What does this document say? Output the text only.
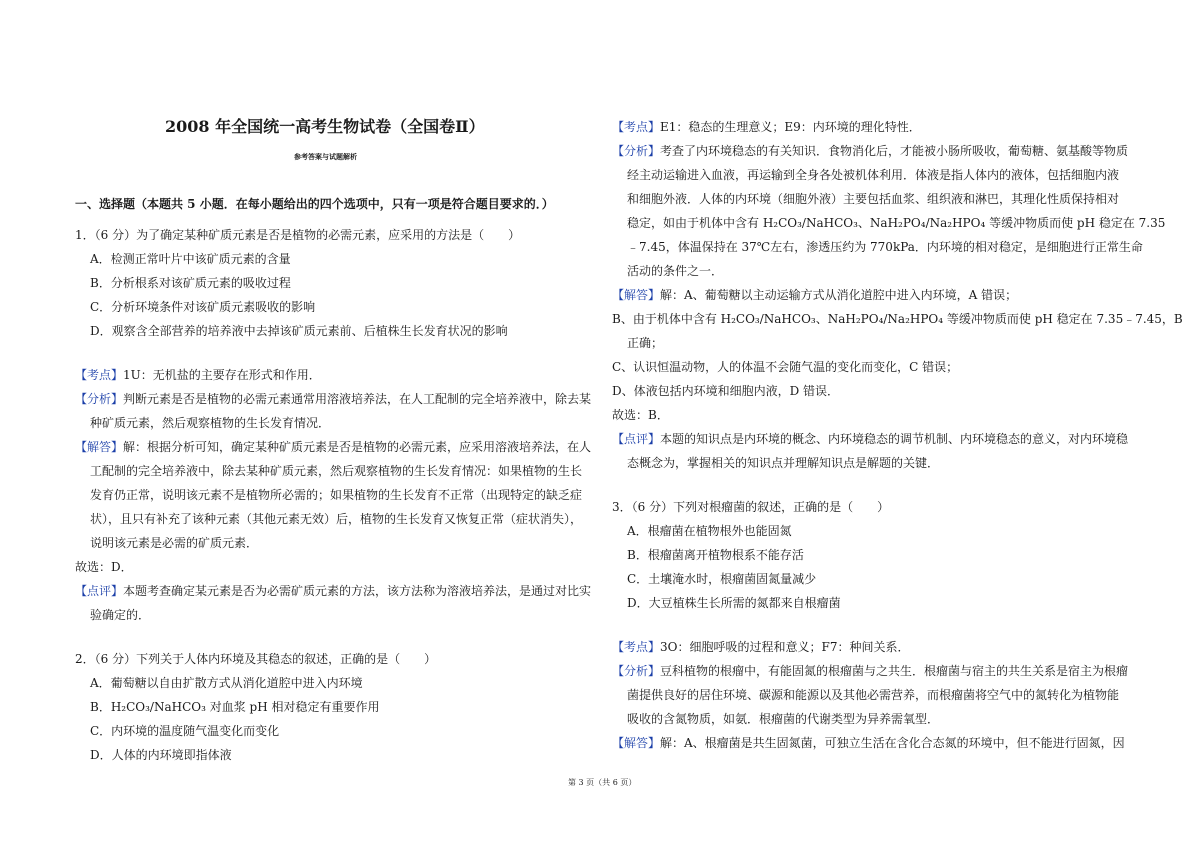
2008 年全国统一高考生物试卷（全国卷Ⅱ）
参考答案与试题解析
一、选择题（本题共 5 小题．在每小题给出的四个选项中，只有一项是符合题目要求的．）
1．（6 分）为了确定某种矿质元素是否是植物的必需元素，应采用的方法是（　　）
A．检测正常叶片中该矿质元素的含量
B．分析根系对该矿质元素的吸收过程
C．分析环境条件对该矿质元素吸收的影响
D．观察含全部营养的培养液中去掉该矿质元素前、后植株生长发育状况的影响
【考点】1U：无机盐的主要存在形式和作用．
【分析】判断元素是否是植物的必需元素通常用溶液培养法，在人工配制的完全培养液中，除去某
种矿质元素，然后观察植物的生长发育情况．
【解答】解：根据分析可知，确定某种矿质元素是否是植物的必需元素，应采用溶液培养法，在人
工配制的完全培养液中，除去某种矿质元素，然后观察植物的生长发育情况：如果植物的生长
发育仍正常，说明该元素不是植物所必需的；如果植物的生长发育不正常（出现特定的缺乏症
状），且只有补充了该种元素（其他元素无效）后，植物的生长发育又恢复正常（症状消失），
说明该元素是必需的矿质元素．
故选：D．
【点评】本题考查确定某元素是否为必需矿质元素的方法，该方法称为溶液培养法，是通过对比实
验确定的．
2．（6 分）下列关于人体内环境及其稳态的叙述，正确的是（　　）
A．葡萄糖以自由扩散方式从消化道腔中进入内环境
B．H₂CO₃/NaHCO₃ 对血浆 pH 相对稳定有重要作用
C．内环境的温度随气温变化而变化
D．人体的内环境即指体液
【考点】E1：稳态的生理意义；E9：内环境的理化特性．
【分析】考查了内环境稳态的有关知识．食物消化后，才能被小肠所吸收，葡萄糖、氨基酸等物质
经主动运输进入血液，再运输到全身各处被机体利用．体液是指人体内的液体，包括细胞内液
和细胞外液．人体的内环境（细胞外液）主要包括血浆、组织液和淋巴，其理化性质保持相对
稳定，如由于机体中含有 H₂CO₃/NaHCO₃、NaH₂PO₄/Na₂HPO₄ 等缓冲物质而使 pH 稳定在 7.35
﹣7.45，体温保持在 37℃左右，渗透压约为 770kPa．内环境的相对稳定，是细胞进行正常生命
活动的条件之一．
【解答】解：A、葡萄糖以主动运输方式从消化道腔中进入内环境，A 错误；
B、由于机体中含有 H₂CO₃/NaHCO₃、NaH₂PO₄/Na₂HPO₄ 等缓冲物质而使 pH 稳定在 7.35﹣7.45，B
正确；
C、认识恒温动物，人的体温不会随气温的变化而变化，C 错误；
D、体液包括内环境和细胞内液，D 错误．
故选：B．
【点评】本题的知识点是内环境的概念、内环境稳态的调节机制、内环境稳态的意义，对内环境稳
态概念为，掌握相关的知识点并理解知识点是解题的关键．
3．（6 分）下列对根瘤菌的叙述，正确的是（　　）
A．根瘤菌在植物根外也能固氮
B．根瘤菌离开植物根系不能存活
C．土壤淹水时，根瘤菌固氮量减少
D．大豆植株生长所需的氮都来自根瘤菌
【考点】3O：细胞呼吸的过程和意义；F7：种间关系．
【分析】豆科植物的根瘤中，有能固氮的根瘤菌与之共生．根瘤菌与宿主的共生关系是宿主为根瘤
菌提供良好的居住环境、碳源和能源以及其他必需营养，而根瘤菌将空气中的氮转化为植物能
吸收的含氮物质，如氨．根瘤菌的代谢类型为异养需氧型．
【解答】解：A、根瘤菌是共生固氮菌，可独立生活在含化合态氮的环境中，但不能进行固氮，因
第 3 页（共 6 页）
